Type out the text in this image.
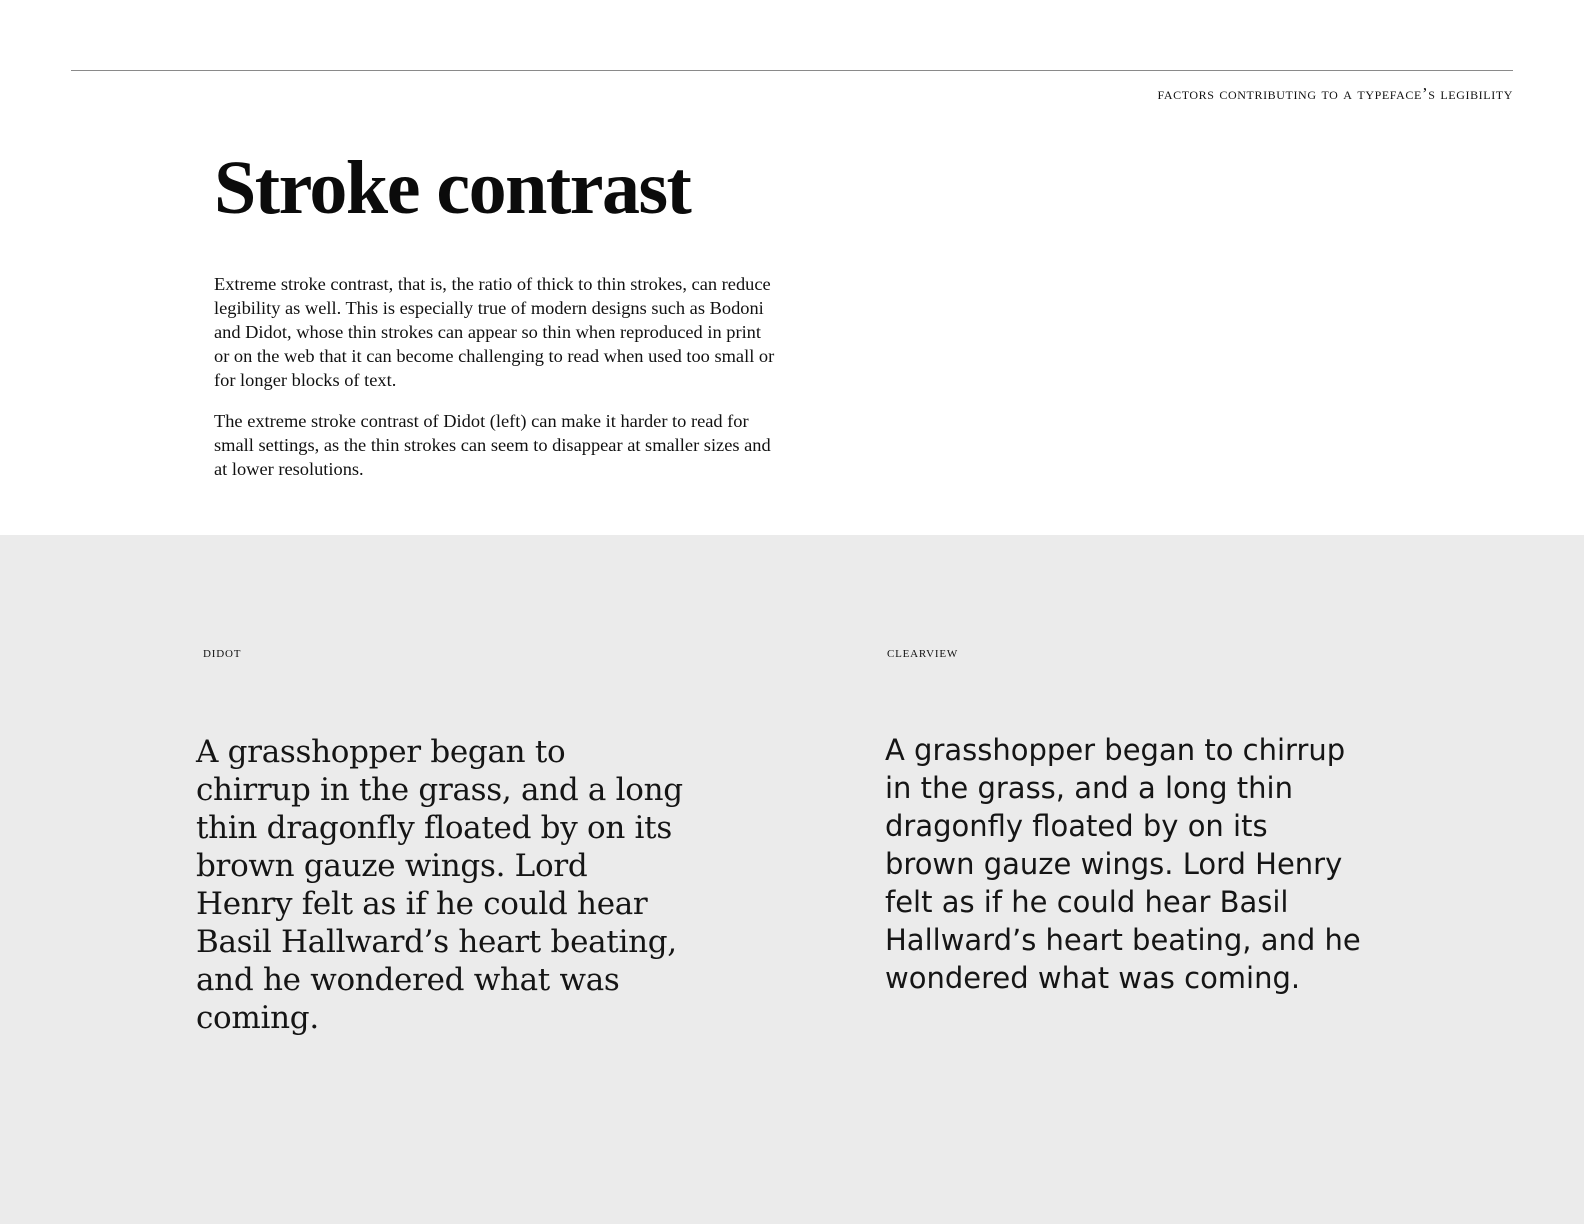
factors contributing to a typeface’s legibility
Stroke contrast

Extreme stroke contrast, that is, the ratio of thick to thin strokes, can reduce legibility as well. This is especially true of modern designs such as Bodoni and Didot, whose thin strokes can appear so thin when reproduced in print or on the web that it can become challenging to read when used too small or for longer blocks of text.

The extreme stroke contrast of Didot (left) can make it harder to read for small settings, as the thin strokes can seem to disappear at smaller sizes and at lower resolutions.

didot	clearview
A grasshopper began to chirrup in the grass, and a long thin dragonfly floated by on its brown gauze wings. Lord Henry felt as if he could hear Basil Hallward’s heart beating, and he wondered what was coming.
A grasshopper began to chirrup in the grass, and a long thin dragonfly floated by on its brown gauze wings. Lord Henry felt as if he could hear Basil Hallward’s heart beating, and he wondered what was coming.
